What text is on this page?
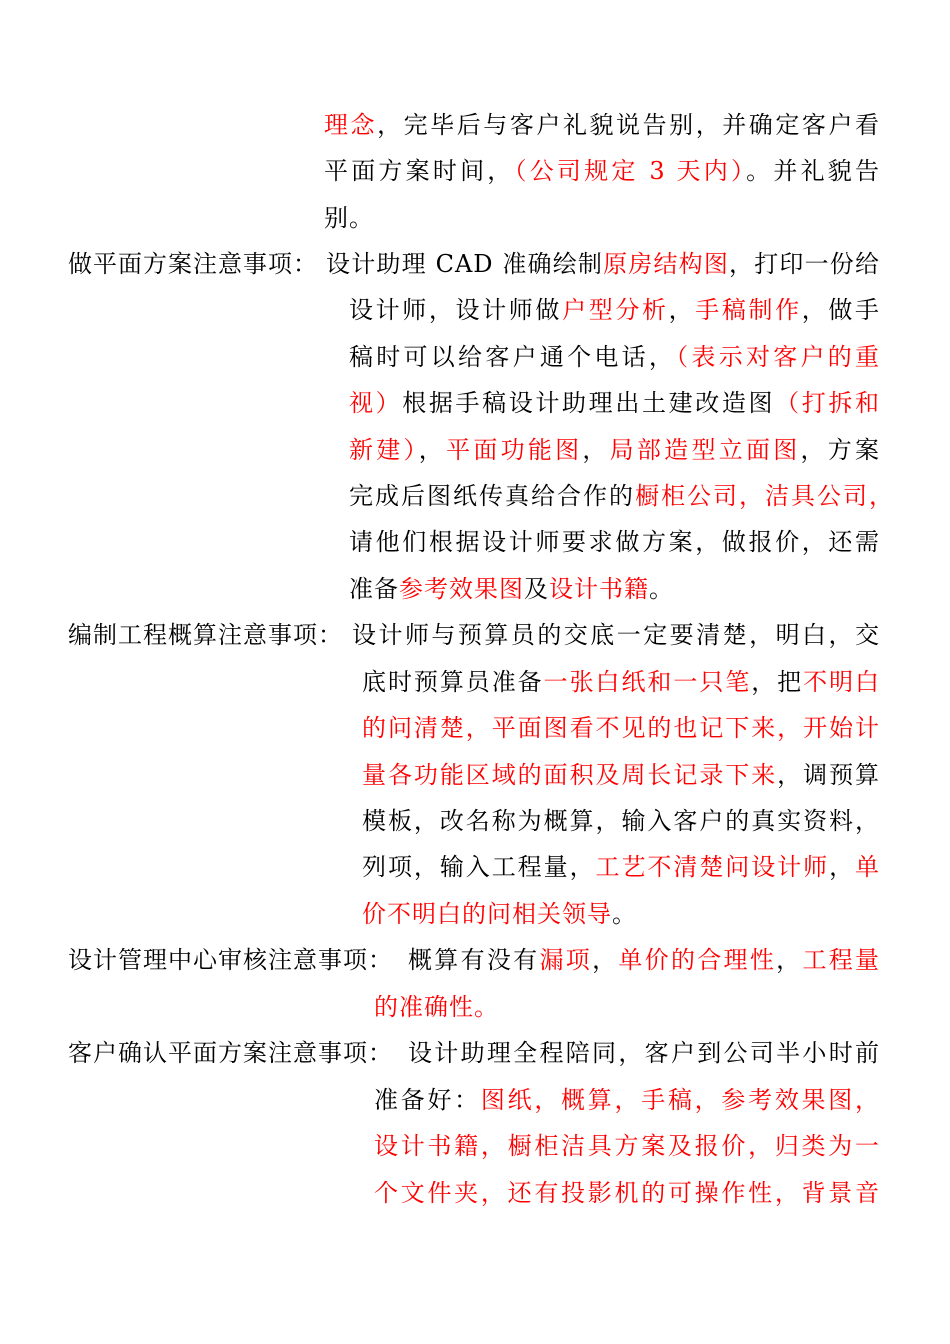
理念，完毕后与客户礼貌说告别，并确定客户看
平面方案时间，（公司规定 3 天内）。并礼貌告
别。
做平面方案注意事项： 设计助理 CAD 准确绘制原房结构图，打印一份给
设计师，设计师做户型分析，手稿制作，做手
稿时可以给客户通个电话，（表示对客户的重
视）根据手稿设计助理出土建改造图（打拆和
新建），平面功能图，局部造型立面图，方案
完成后图纸传真给合作的橱柜公司，洁具公司，
请他们根据设计师要求做方案，做报价，还需
准备参考效果图及设计书籍。
编制工程概算注意事项： 设计师与预算员的交底一定要清楚，明白，交
底时预算员准备一张白纸和一只笔，把不明白
的问清楚，平面图看不见的也记下来，开始计
量各功能区域的面积及周长记录下来，调预算
模板，改名称为概算，输入客户的真实资料，
列项，输入工程量，工艺不清楚问设计师，单
价不明白的问相关领导。
设计管理中心审核注意事项： 概算有没有漏项，单价的合理性，工程量
的准确性。
客户确认平面方案注意事项： 设计助理全程陪同，客户到公司半小时前
准备好：图纸，概算，手稿，参考效果图，
设计书籍，橱柜洁具方案及报价，归类为一
个文件夹，还有投影机的可操作性，背景音
